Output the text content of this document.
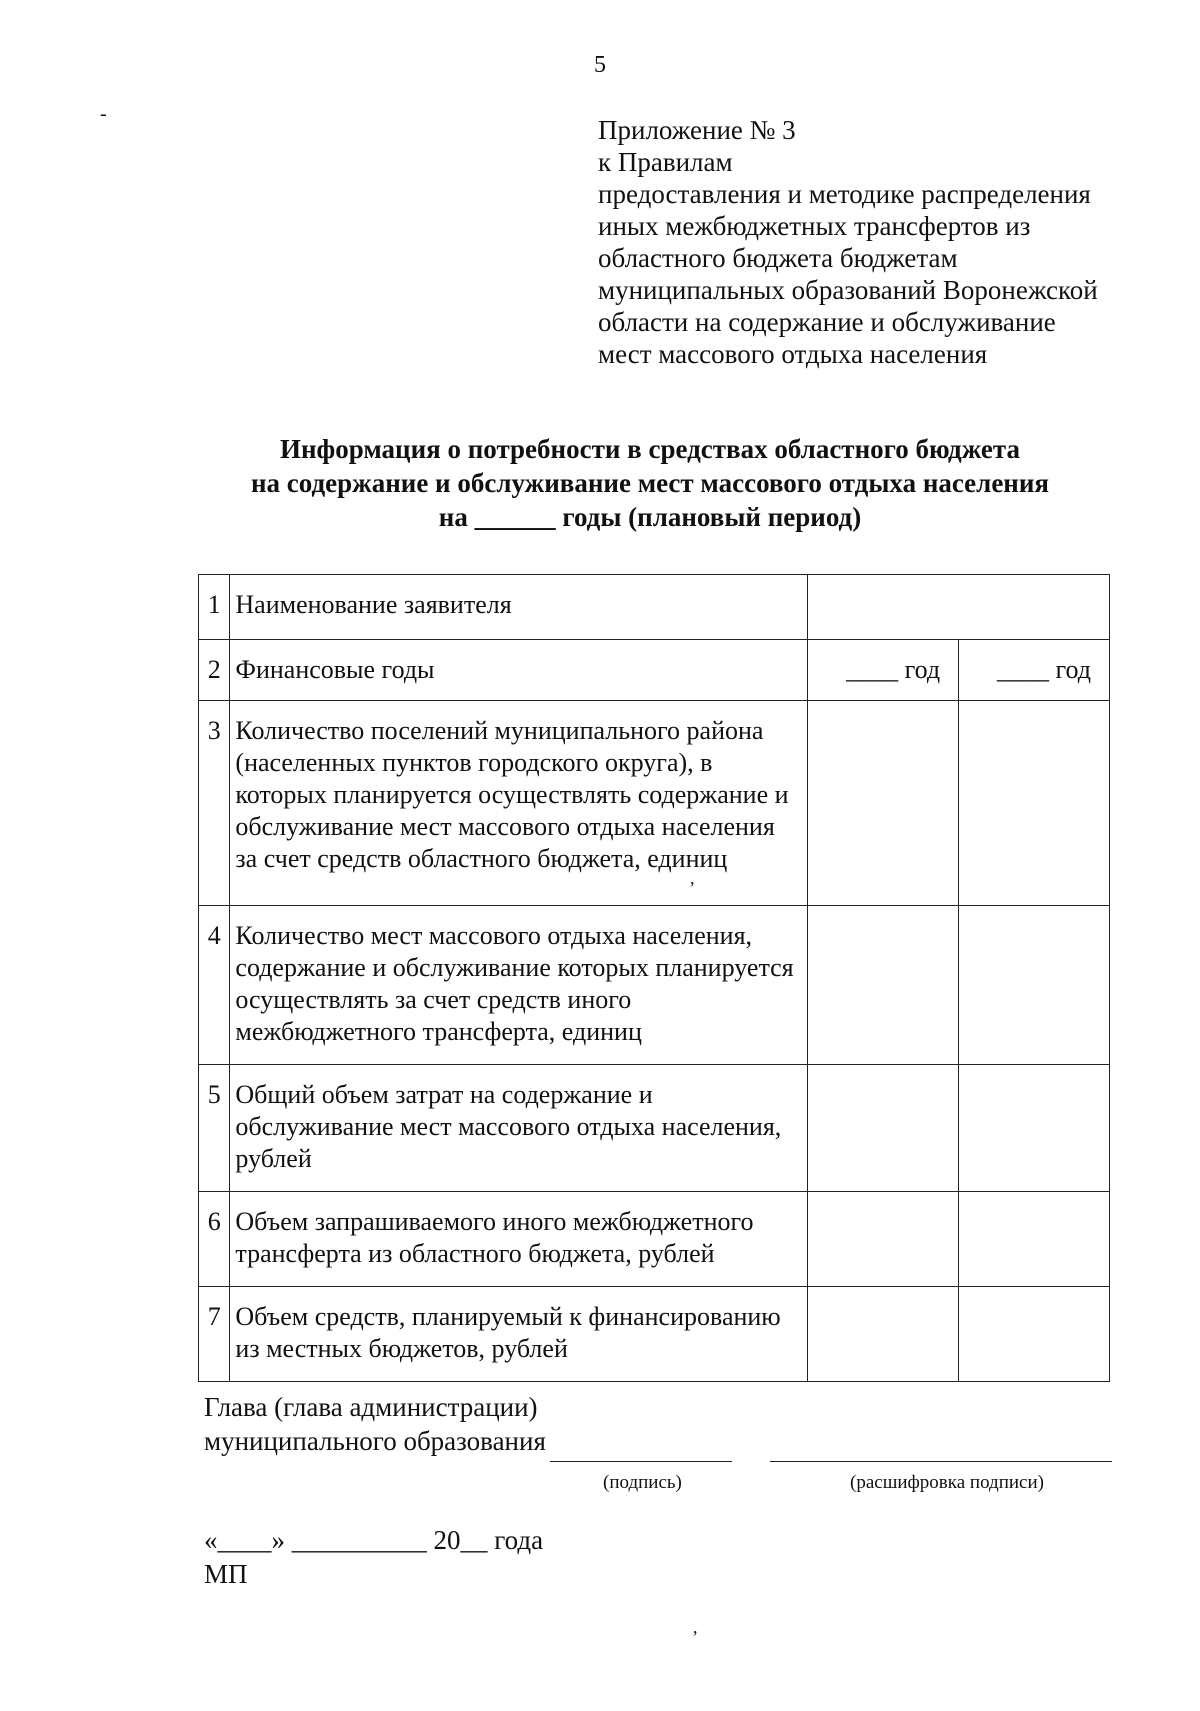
5
-
Приложение № 3
к Правилам
предоставления и методике распределения
иных межбюджетных трансфертов из
областного бюджета бюджетам
муниципальных образований Воронежской
области на содержание и обслуживание
мест массового отдыха населения
Информация о потребности в средствах областного бюджета
на содержание и обслуживание мест массового отдыха населения
на ______ годы (плановый период)
1	Наименование заявителя		
2	Финансовые годы	____ год	____ год
3	Количество поселений муниципального района (населенных пунктов городского округа), в которых планируется осуществлять содержание и обслуживание мест массового отдыха населения за счет средств областного бюджета, единиц		
4	Количество мест массового отдыха населения, содержание и обслуживание которых планируется осуществлять за счет средств иного межбюджетного трансферта, единиц		
5	Общий объем затрат на содержание и обслуживание мест массового отдыха населения, рублей		
6	Объем запрашиваемого иного межбюджетного трансферта из областного бюджета, рублей		
7	Объем средств, планируемый к финансированию из местных бюджетов, рублей		
Глава (глава администрации)
муниципального образования
(подпись)	(расшифровка подписи)
«____» __________ 20__ года
МП
,
,
